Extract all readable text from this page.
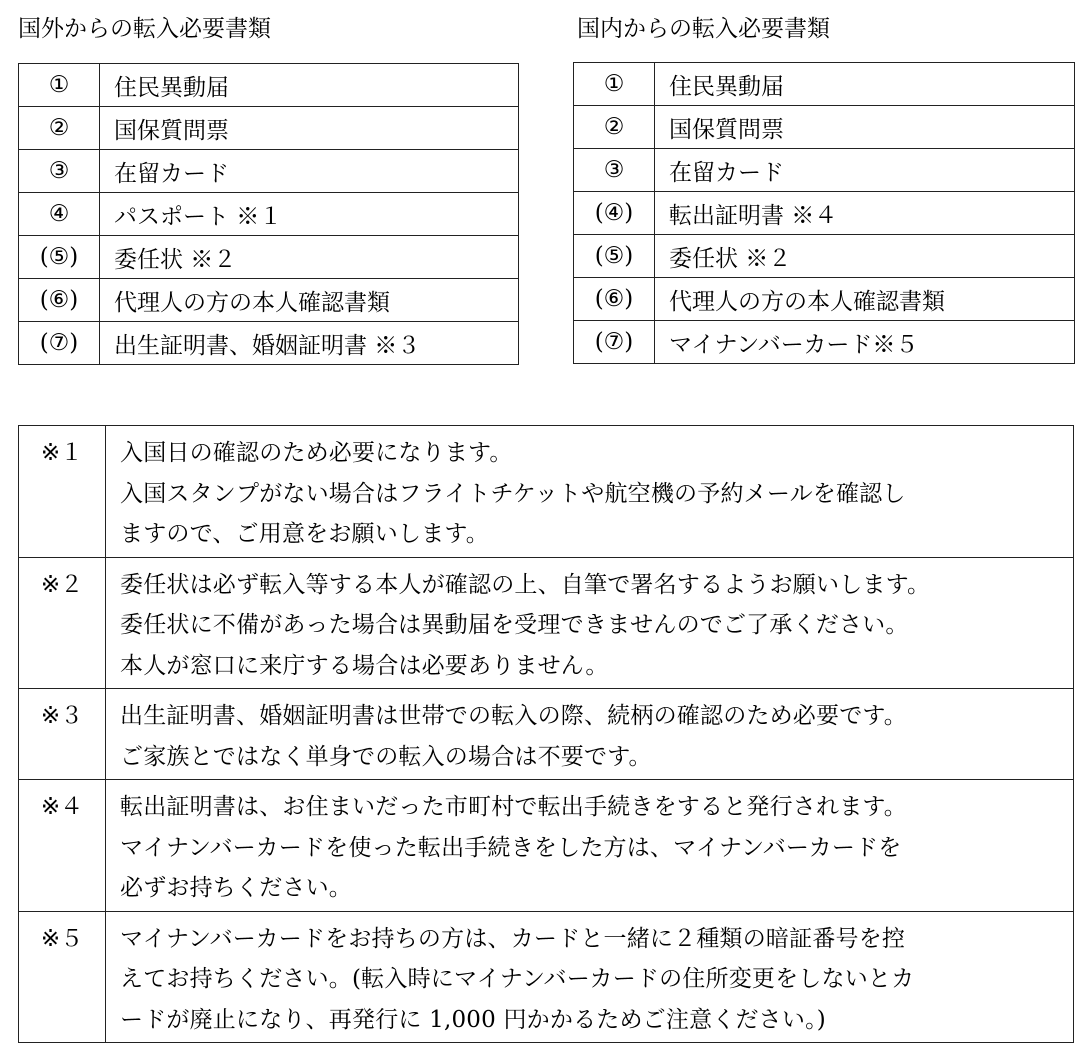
国外からの転入必要書類	国内からの転入必要書類
①	住民異動届
②	国保質問票
③	在留カード
④	パスポート ※１
(⑤)	委任状 ※２
(⑥)	代理人の方の本人確認書類
(⑦)	出生証明書、婚姻証明書 ※３
①	住民異動届
②	国保質問票
③	在留カード
(④)	転出証明書 ※４
(⑤)	委任状 ※２
(⑥)	代理人の方の本人確認書類
(⑦)	マイナンバーカード※５
※１	入国日の確認のため必要になります。
入国スタンプがない場合はフライトチケットや航空機の予約メールを確認し
ますので、ご用意をお願いします。

※２	委任状は必ず転入等する本人が確認の上、自筆で署名するようお願いします。
委任状に不備があった場合は異動届を受理できませんのでご了承ください。
本人が窓口に来庁する場合は必要ありません。

※３	出生証明書、婚姻証明書は世帯での転入の際、続柄の確認のため必要です。
ご家族とではなく単身での転入の場合は不要です。

※４	転出証明書は、お住まいだった市町村で転出手続きをすると発行されます。
マイナンバーカードを使った転出手続きをした方は、マイナンバーカードを
必ずお持ちください。

※５	マイナンバーカードをお持ちの方は、カードと一緒に２種類の暗証番号を控
えてお持ちください。(転入時にマイナンバーカードの住所変更をしないとカ
ードが廃止になり、再発行に 1,000 円かかるためご注意ください。)
